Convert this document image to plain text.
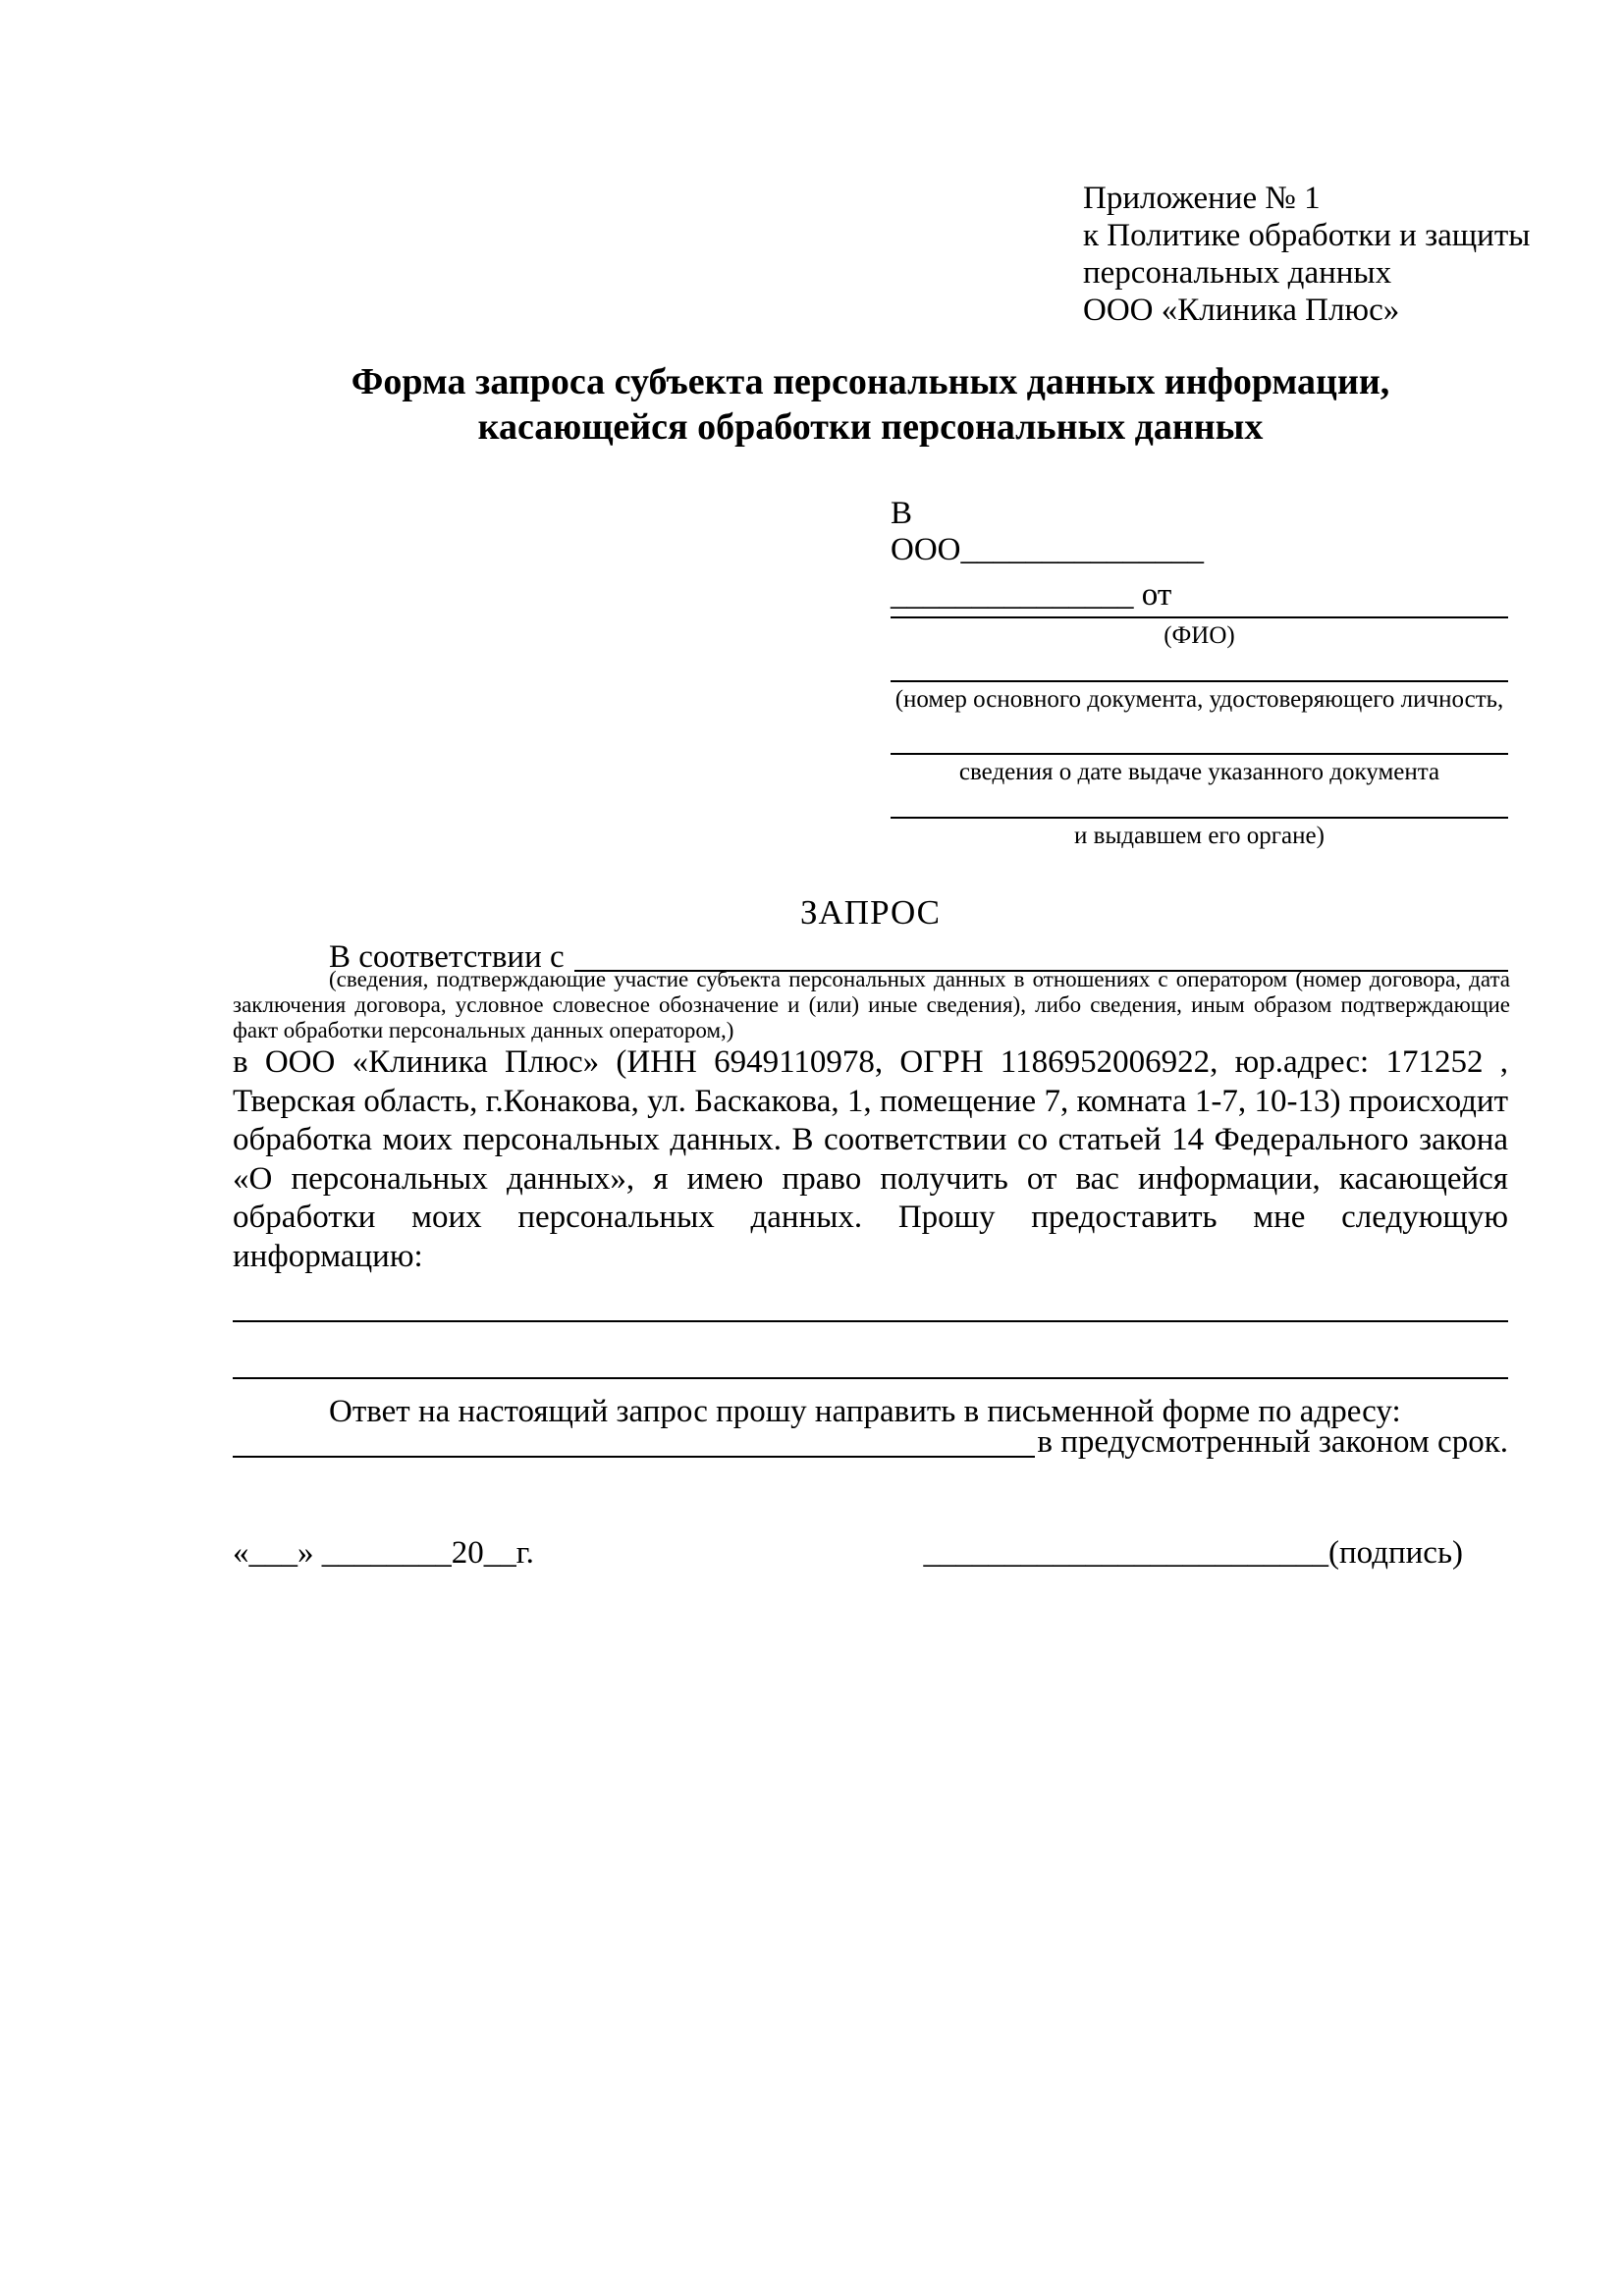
Приложение № 1
к Политике обработки и защиты
персональных данных
ООО «Клиника Плюс»
Форма запроса субъекта персональных данных информации, касающейся обработки персональных данных
В
ООО_______________
_______________ от
(ФИО)
(номер основного документа, удостоверяющего личность,
сведения о дате выдаче указанного документа
и выдавшем его органе)
ЗАПРОС
В соответствии с

(сведения, подтверждающие участие субъекта персональных данных в отношениях с оператором (номер договора, дата заключения договора, условное словесное обозначение и (или) иные сведения), либо сведения, иным образом подтверждающие факт обработки персональных данных оператором,)

в ООО «Клиника Плюс» (ИНН 6949110978, ОГРН 1186952006922, юр.адрес: 171252 , Тверская область, г.Конакова, ул. Баскакова, 1, помещение 7, комната 1-7, 10-13) происходит обработка моих персональных данных. В соответствии со статьей 14 Федерального закона «О персональных данных», я имею право получить от вас информации, касающейся обработки моих персональных данных. Прошу предоставить мне следующую информацию:

Ответ на настоящий запрос прошу направить в письменной форме по адресу:

в предусмотренный законом срок.
«___» ________20__г.	_________________________(подпись)
